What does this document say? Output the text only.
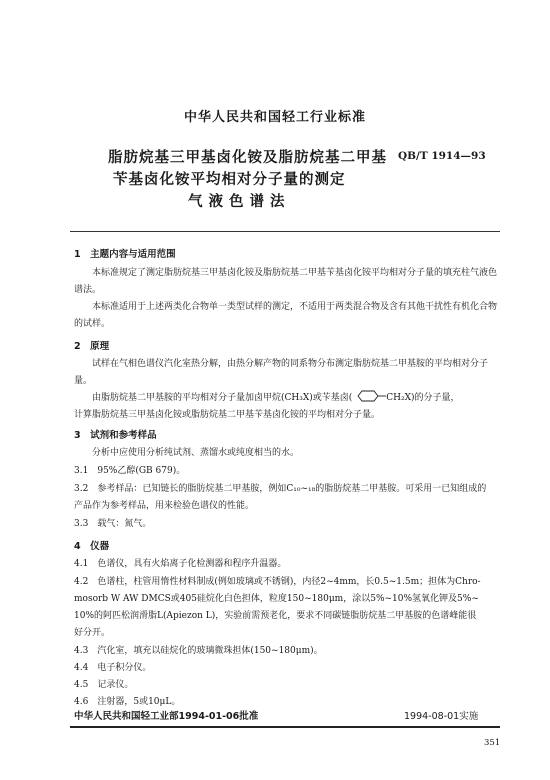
中华人民共和国轻工行业标准
脂肪烷基三甲基卤化铵及脂肪烷基二甲基
苄基卤化铵平均相对分子量的测定
气液色谱法
QB/T 1914—93
1　主题内容与适用范围
本标准规定了测定脂肪烷基三甲基卤化铵及脂肪烷基二甲基苄基卤化铵平均相对分子量的填充柱气液色谱法。
本标准适用于上述两类化合物单一类型试样的测定，不适用于两类混合物及含有其他干扰性有机化合物的试样。
2　原理
试样在气相色谱仪汽化室热分解，由热分解产物的同系物分布测定脂肪烷基二甲基胺的平均相对分子量。
由脂肪烷基二甲基胺的平均相对分子量加卤甲烷(CH₃X)或苄基卤(	CH₂X)的分子量，
计算脂肪烷基三甲基卤化铵或脂肪烷基二甲基苄基卤化铵的平均相对分子量。
3　试剂和参考样品
分析中应使用分析纯试剂、蒸馏水或纯度相当的水。
3.1　 95%乙醇(GB 679)。
3.2　 参考样品：已知链长的脂肪烷基二甲基胺，例如C₁₀~₁₈的脂肪烷基二甲基胺。可采用一已知组成的
产品作为参考样品，用来检验色谱仪的性能。
3.3　 载气：氮气。
4　仪器
4.1　 色谱仪，具有火焰离子化检测器和程序升温器。
4.2　 色谱柱，柱管用惰性材料制成(例如玻璃或不锈钢)，内径2~4mm，长0.5~1.5m；担体为Chro-
mosorb W AW DMCS或405硅烷化白色担体，粒度150~180μm，涂以5%~10%氢氧化钾及5%~
10%的阿匹松润滑脂L(Apiezon L)，实验前需预老化，要求不同碳链脂肪烷基二甲基胺的色谱峰能很
好分开。
4.3　 汽化室，填充以硅烷化的玻璃微珠担体(150~180μm)。
4.4　 电子积分仪。
4.5　 记录仪。
4.6　 注射器，5或10μL。
中华人民共和国轻工业部1994-01-06批准	1994-08-01实施
351
